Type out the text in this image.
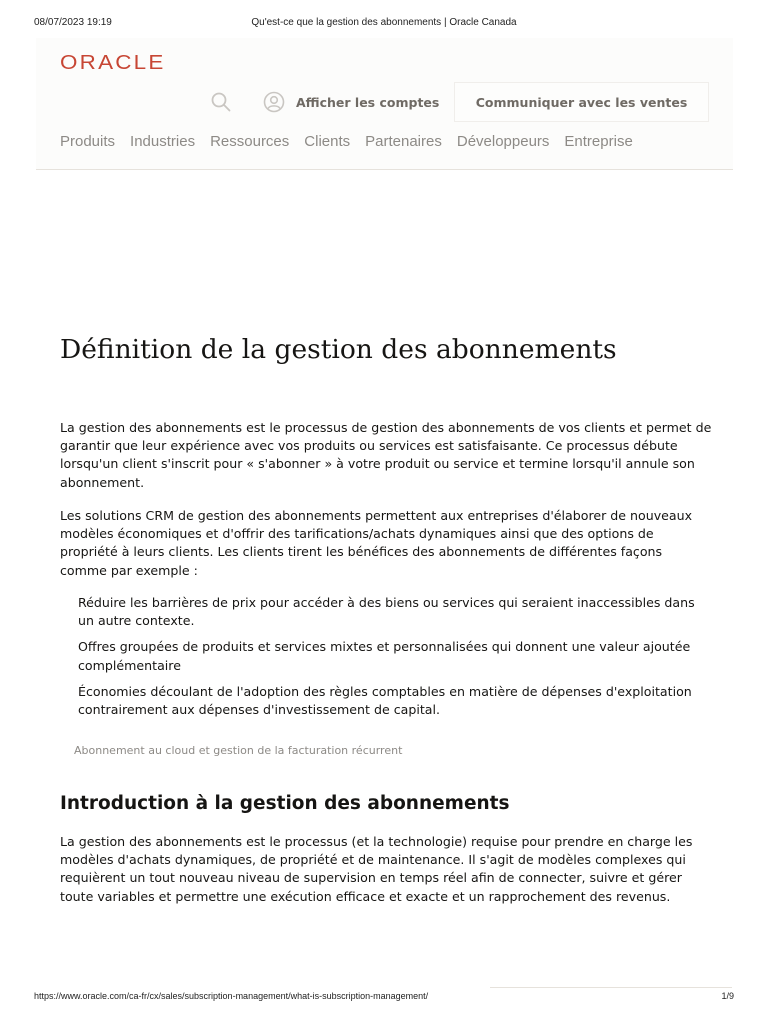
08/07/2023 19:19	Qu'est-ce que la gestion des abonnements | Oracle Canada
ORACLE
Afficher les comptes	Communiquer avec les ventes
Produits Industries Ressources Clients Partenaires Développeurs Entreprise
Définition de la gestion des abonnements

La gestion des abonnements est le processus de gestion des abonnements de vos clients et permet de garantir que leur expérience avec vos produits ou services est satisfaisante. Ce processus débute lorsqu'un client s'inscrit pour « s'abonner » à votre produit ou service et termine lorsqu'il annule son abonnement.

Les solutions CRM de gestion des abonnements permettent aux entreprises d'élaborer de nouveaux modèles économiques et d'offrir des tarifications/achats dynamiques ainsi que des options de propriété à leurs clients. Les clients tirent les bénéfices des abonnements de différentes façons comme par exemple :

Réduire les barrières de prix pour accéder à des biens ou services qui seraient inaccessibles dans un autre contexte.
Offres groupées de produits et services mixtes et personnalisées qui donnent une valeur ajoutée complémentaire
Économies découlant de l'adoption des règles comptables en matière de dépenses d'exploitation contrairement aux dépenses d'investissement de capital.

Abonnement au cloud et gestion de la facturation récurrent

Introduction à la gestion des abonnements

La gestion des abonnements est le processus (et la technologie) requise pour prendre en charge les modèles d'achats dynamiques, de propriété et de maintenance. Il s'agit de modèles complexes qui requièrent un tout nouveau niveau de supervision en temps réel afin de connecter, suivre et gérer toute variables et permettre une exécution efficace et exacte et un rapprochement des revenus.

https://www.oracle.com/ca-fr/cx/sales/subscription-management/what-is-subscription-management/	1/9
